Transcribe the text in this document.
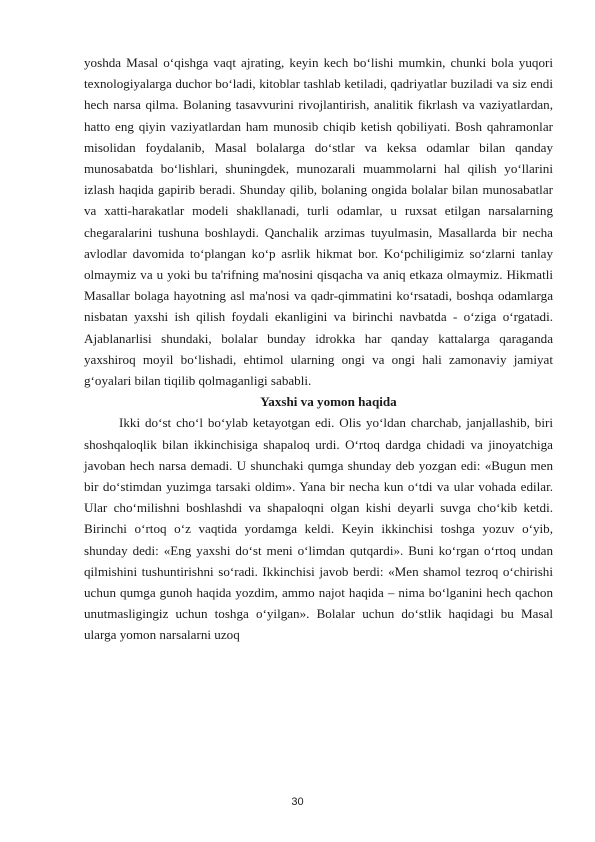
yoshda Masal o‘qishga vaqt ajrating, keyin kech bo‘lishi mumkin, chunki bola yuqori texnologiyalarga duchor bo‘ladi, kitoblar tashlab ketiladi, qadriyatlar buziladi va siz endi hech narsa qilma. Bolaning tasavvurini rivojlantirish, analitik fikrlash va vaziyatlardan, hatto eng qiyin vaziyatlardan ham munosib chiqib ketish qobiliyati. Bosh qahramonlar misolidan foydalanib, Masal bolalarga do‘stlar va keksa odamlar bilan qanday munosabatda bo‘lishlari, shuningdek, munozarali muammolarni hal qilish yo‘llarini izlash haqida gapirib beradi. Shunday qilib, bolaning ongida bolalar bilan munosabatlar va xatti-harakatlar modeli shakllanadi, turli odamlar, u ruxsat etilgan narsalarning chegaralarini tushuna boshlaydi. Qanchalik arzimas tuyulmasin, Masallarda bir necha avlodlar davomida to‘plangan ko‘p asrlik hikmat bor. Ko‘pchiligimiz so‘zlarni tanlay olmaymiz va u yoki bu ta'rifning ma'nosini qisqacha va aniq etkaza olmaymiz. Hikmatli Masallar bolaga hayotning asl ma'nosi va qadr-qimmatini ko‘rsatadi, boshqa odamlarga nisbatan yaxshi ish qilish foydali ekanligini va birinchi navbatda - o‘ziga o‘rgatadi. Ajablanarlisi shundaki, bolalar bunday idrokka har qanday kattalarga qaraganda yaxshiroq moyil bo‘lishadi, ehtimol ularning ongi va ongi hali zamonaviy jamiyat g‘oyalari bilan tiqilib qolmaganligi sababli.

Yaxshi va yomon haqida

Ikki do‘st cho‘l bo‘ylab ketayotgan edi. Olis yo‘ldan charchab, janjallashib, biri shoshqaloqlik bilan ikkinchisiga shapaloq urdi. O‘rtoq dardga chidadi va jinoyatchiga javoban hech narsa demadi. U shunchaki qumga shunday deb yozgan edi: «Bugun men bir do‘stimdan yuzimga tarsaki oldim». Yana bir necha kun o‘tdi va ular vohada edilar. Ular cho‘milishni boshlashdi va shapaloqni olgan kishi deyarli suvga cho‘kib ketdi. Birinchi o‘rtoq o‘z vaqtida yordamga keldi. Keyin ikkinchisi toshga yozuv o‘yib, shunday dedi: «Eng yaxshi do‘st meni o‘limdan qutqardi». Buni ko‘rgan o‘rtoq undan qilmishini tushuntirishni so‘radi. Ikkinchisi javob berdi: «Men shamol tezroq o‘chirishi uchun qumga gunoh haqida yozdim, ammo najot haqida – nima bo‘lganini hech qachon unutmasligingiz uchun toshga o‘yilgan». Bolalar uchun do‘stlik haqidagi bu Masal ularga yomon narsalarni uzoq

30
